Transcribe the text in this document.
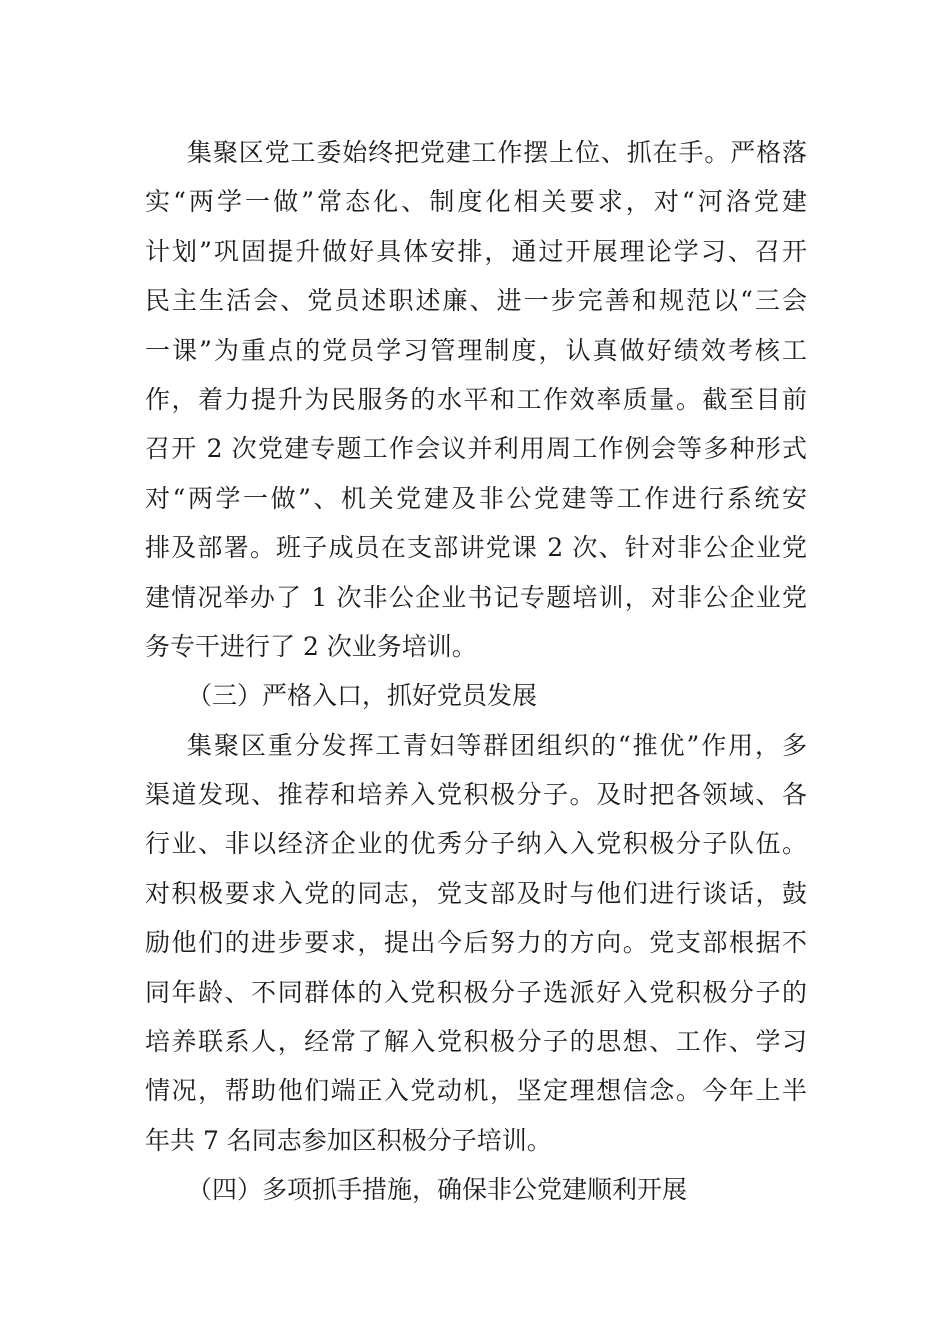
集聚区党工委始终把党建工作摆上位、抓在手。严格落
实“两学一做”常态化、制度化相关要求，对“河洛党建
计划”巩固提升做好具体安排，通过开展理论学习、召开
民主生活会、党员述职述廉、进一步完善和规范以“三会
一课”为重点的党员学习管理制度，认真做好绩效考核工
作，着力提升为民服务的水平和工作效率质量。截至目前
召开 2 次党建专题工作会议并利用周工作例会等多种形式
对“两学一做”、机关党建及非公党建等工作进行系统安
排及部署。班子成员在支部讲党课 2 次、针对非公企业党
建情况举办了 1 次非公企业书记专题培训，对非公企业党
务专干进行了 2 次业务培训。
（三）严格入口，抓好党员发展
集聚区重分发挥工青妇等群团组织的“推优”作用，多
渠道发现、推荐和培养入党积极分子。及时把各领域、各
行业、非以经济企业的优秀分子纳入入党积极分子队伍。
对积极要求入党的同志，党支部及时与他们进行谈话，鼓
励他们的进步要求，提出今后努力的方向。党支部根据不
同年龄、不同群体的入党积极分子选派好入党积极分子的
培养联系人，经常了解入党积极分子的思想、工作、学习
情况，帮助他们端正入党动机，坚定理想信念。今年上半
年共 7 名同志参加区积极分子培训。
（四）多项抓手措施，确保非公党建顺利开展
